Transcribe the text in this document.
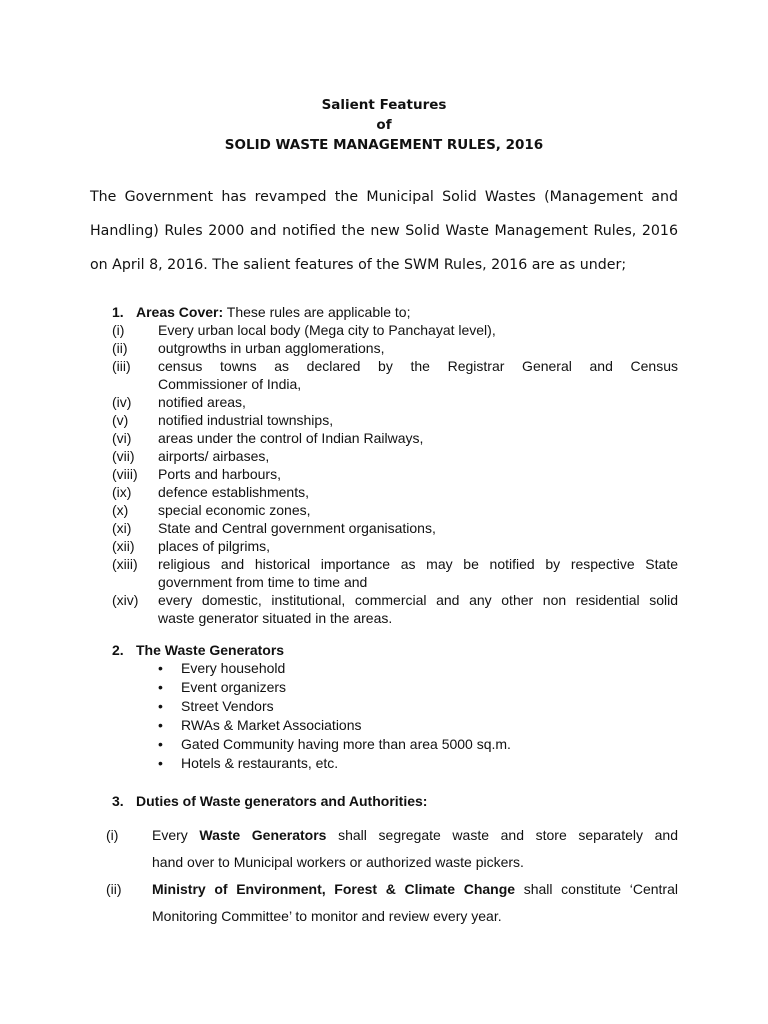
Salient Features
of
SOLID WASTE MANAGEMENT RULES, 2016
The Government has revamped the Municipal Solid Wastes (Management and
Handling) Rules 2000 and notified the new Solid Waste Management Rules, 2016
on April 8, 2016. The salient features of the SWM Rules, 2016 are as under;
1. Areas Cover: These rules are applicable to;
(i) Every urban local body (Mega city to Panchayat level),
(ii) outgrowths in urban agglomerations,
(iii) census towns as declared by the Registrar General and Census
Commissioner of India,
(iv) notified areas,
(v) notified industrial townships,
(vi) areas under the control of Indian Railways,
(vii) airports/ airbases,
(viii) Ports and harbours,
(ix) defence establishments,
(x) special economic zones,
(xi) State and Central government organisations,
(xii) places of pilgrims,
(xiii) religious and historical importance as may be notified by respective State
government from time to time and
(xiv) every domestic, institutional, commercial and any other non residential solid
waste generator situated in the areas.
2. The Waste Generators
• Every household
• Event organizers
• Street Vendors
• RWAs & Market Associations
• Gated Community having more than area 5000 sq.m.
• Hotels & restaurants, etc.
3. Duties of Waste generators and Authorities:
(i) Every Waste Generators shall segregate waste and store separately and
hand over to Municipal workers or authorized waste pickers.
(ii) Ministry of Environment, Forest & Climate Change shall constitute ‘Central
Monitoring Committee’ to monitor and review every year.
